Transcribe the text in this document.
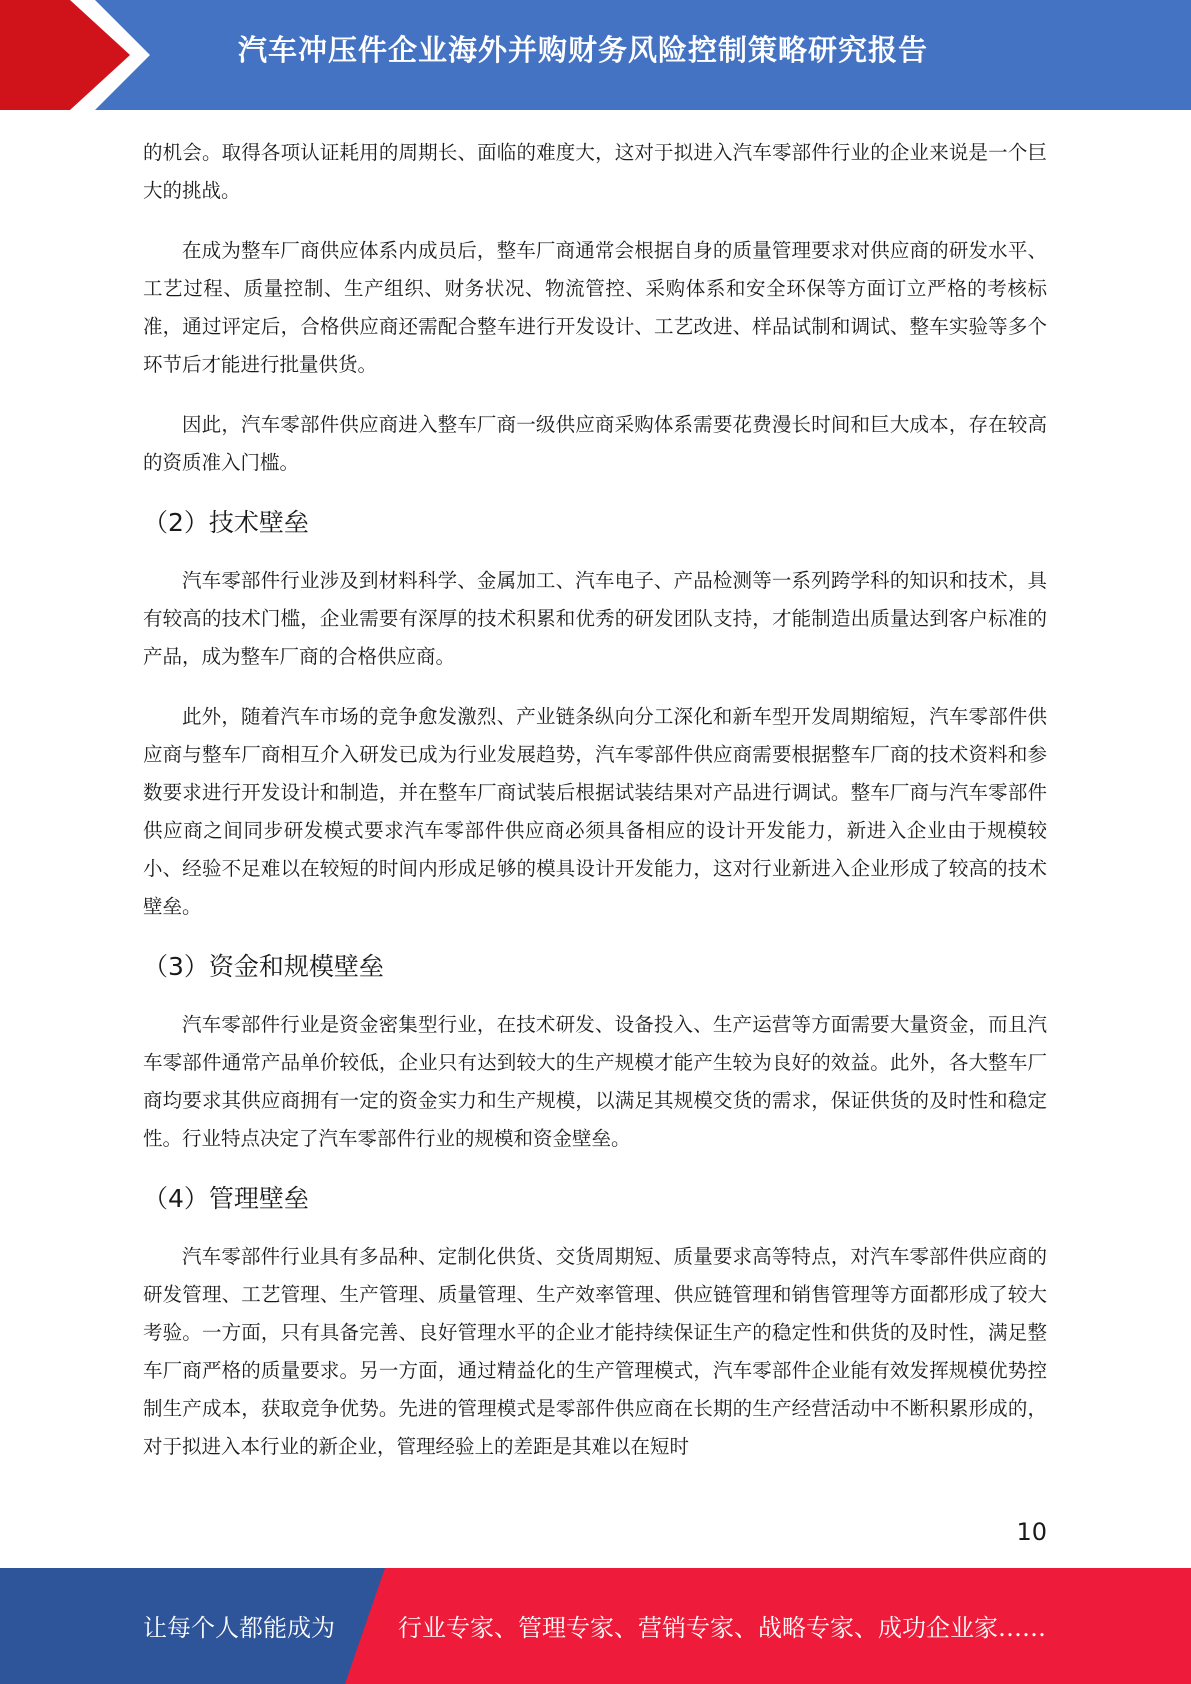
汽车冲压件企业海外并购财务风险控制策略研究报告

的机会。取得各项认证耗用的周期长、面临的难度大，这对于拟进入汽车零部件行业的企业来说是一个巨大的挑战。

在成为整车厂商供应体系内成员后，整车厂商通常会根据自身的质量管理要求对供应商的研发水平、工艺过程、质量控制、生产组织、财务状况、物流管控、采购体系和安全环保等方面订立严格的考核标准，通过评定后，合格供应商还需配合整车进行开发设计、工艺改进、样品试制和调试、整车实验等多个环节后才能进行批量供货。

因此，汽车零部件供应商进入整车厂商一级供应商采购体系需要花费漫长时间和巨大成本，存在较高的资质准入门槛。

（2）技术壁垒

汽车零部件行业涉及到材料科学、金属加工、汽车电子、产品检测等一系列跨学科的知识和技术，具有较高的技术门槛，企业需要有深厚的技术积累和优秀的研发团队支持，才能制造出质量达到客户标准的产品，成为整车厂商的合格供应商。

此外，随着汽车市场的竞争愈发激烈、产业链条纵向分工深化和新车型开发周期缩短，汽车零部件供应商与整车厂商相互介入研发已成为行业发展趋势，汽车零部件供应商需要根据整车厂商的技术资料和参数要求进行开发设计和制造，并在整车厂商试装后根据试装结果对产品进行调试。整车厂商与汽车零部件供应商之间同步研发模式要求汽车零部件供应商必须具备相应的设计开发能力，新进入企业由于规模较小、经验不足难以在较短的时间内形成足够的模具设计开发能力，这对行业新进入企业形成了较高的技术壁垒。

（3）资金和规模壁垒

汽车零部件行业是资金密集型行业，在技术研发、设备投入、生产运营等方面需要大量资金，而且汽车零部件通常产品单价较低，企业只有达到较大的生产规模才能产生较为良好的效益。此外，各大整车厂商均要求其供应商拥有一定的资金实力和生产规模，以满足其规模交货的需求，保证供货的及时性和稳定性。行业特点决定了汽车零部件行业的规模和资金壁垒。

（4）管理壁垒

汽车零部件行业具有多品种、定制化供货、交货周期短、质量要求高等特点，对汽车零部件供应商的研发管理、工艺管理、生产管理、质量管理、生产效率管理、供应链管理和销售管理等方面都形成了较大考验。一方面，只有具备完善、良好管理水平的企业才能持续保证生产的稳定性和供货的及时性，满足整车厂商严格的质量要求。另一方面，通过精益化的生产管理模式，汽车零部件企业能有效发挥规模优势控制生产成本，获取竞争优势。先进的管理模式是零部件供应商在长期的生产经营活动中不断积累形成的，对于拟进入本行业的新企业，管理经验上的差距是其难以在短时

10
让每个人都能成为	行业专家、管理专家、营销专家、战略专家、成功企业家……
